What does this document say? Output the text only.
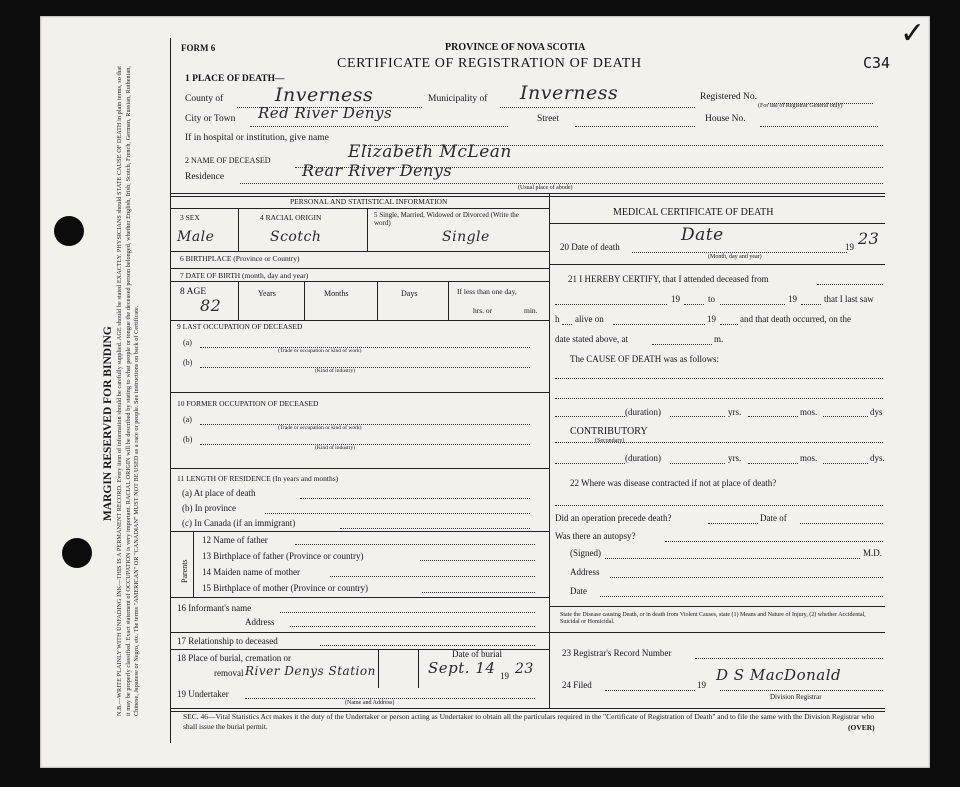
MARGIN RESERVED FOR BINDING N.B.—WRITE PLAINLY WITH UNFADING INK—THIS IS A PERMANENT RECORD. Every item of information should be carefully supplied. AGE should be stated EXACTLY. PHYSICIANS should STATE CAUSE OF DEATH in plain terms, so that it may be properly classified. Exact statement of OCCUPATION is very important. RACIAL ORIGIN will be described by stating to what people or tongue the deceased person belonged, whether English, Irish, Scotch, French, German, Russian, Ruthenian, Chinese, Japanese or Negro, etc. The terms "AMERICAN" OR "CANADIAN" MUST NOT BE USED as a race or people. See instructions on back of Certificate.
FORM 6	PROVINCE OF NOVA SCOTIA
CERTIFICATE OF REGISTRATION OF DEATH	C34
✓
1 PLACE OF DEATH—
County of	Inverness	Municipality of Inverness	Registered No.
(For use of Registrar General only)
City or Town Red River Denys	Street	House No.
If in hospital or institution, give name
2 NAME OF DECEASED	Elizabeth McLean
Residence	Rear River Denys
(Usual place of abode)
PERSONAL AND STATISTICAL INFORMATION
3 SEX	4 RACIAL ORIGIN	5 Single, Married, Widowed or Divorced (Write the word)
Male	Scotch	Single
6 BIRTHPLACE (Province or Country)
7 DATE OF BIRTH (month, day and year)
8 AGE
82
Years	Months	Days	If less than one day,
hrs. or	min.
9 LAST OCCUPATION OF DECEASED
(a)
(Trade or occupation or kind of work)
(b)
(Kind of industry)
10 FORMER OCCUPATION OF DECEASED
(a)
(Trade or occupation or kind of work)
(b)
(Kind of industry)
11 LENGTH OF RESIDENCE (In years and months)
(a) At place of death
(b) In province
(c) In Canada (if an immigrant)
Parents
12 Name of father
13 Birthplace of father (Province or country)
14 Maiden name of mother
15 Birthplace of mother (Province or country)
16 Informant's name
Address
17 Relationship to deceased
18 Place of burial, cremation or
removal River Denys Station
Date of burial
Sept. 14 19 23
19 Undertaker
(Name and Address)
MEDICAL CERTIFICATE OF DEATH
20 Date of death
Date
19 23
(Month, day and year)
21 I HEREBY CERTIFY, that I attended deceased from
19	to	19	that I last saw
h alive on	19	and that death occurred, on the
date stated above, at	m.
The CAUSE OF DEATH was as follows:
(duration)	yrs.	mos.	dys
CONTRIBUTORY
(Secondary)
(duration)	yrs.	mos.	dys.
22 Where was disease contracted if not at place of death?
Did an operation precede death?	Date of
Was there an autopsy?
(Signed)	M.D.
Address
Date
State the Disease causing Death, or in death from Violent Causes, state (1) Means and Nature of Injury, (2) whether Accidental, Suicidal or Homicidal.
23 Registrar's Record Number
24 Filed	19
D S MacDonald
Division Registrar
SEC. 46—Vital Statistics Act makes it the duty of the Undertaker or person acting as Undertaker to obtain all the particulars required in the "Certificate of Registration of Death" and to file the same with the Division Registrar who shall issue the burial permit.	(OVER)
